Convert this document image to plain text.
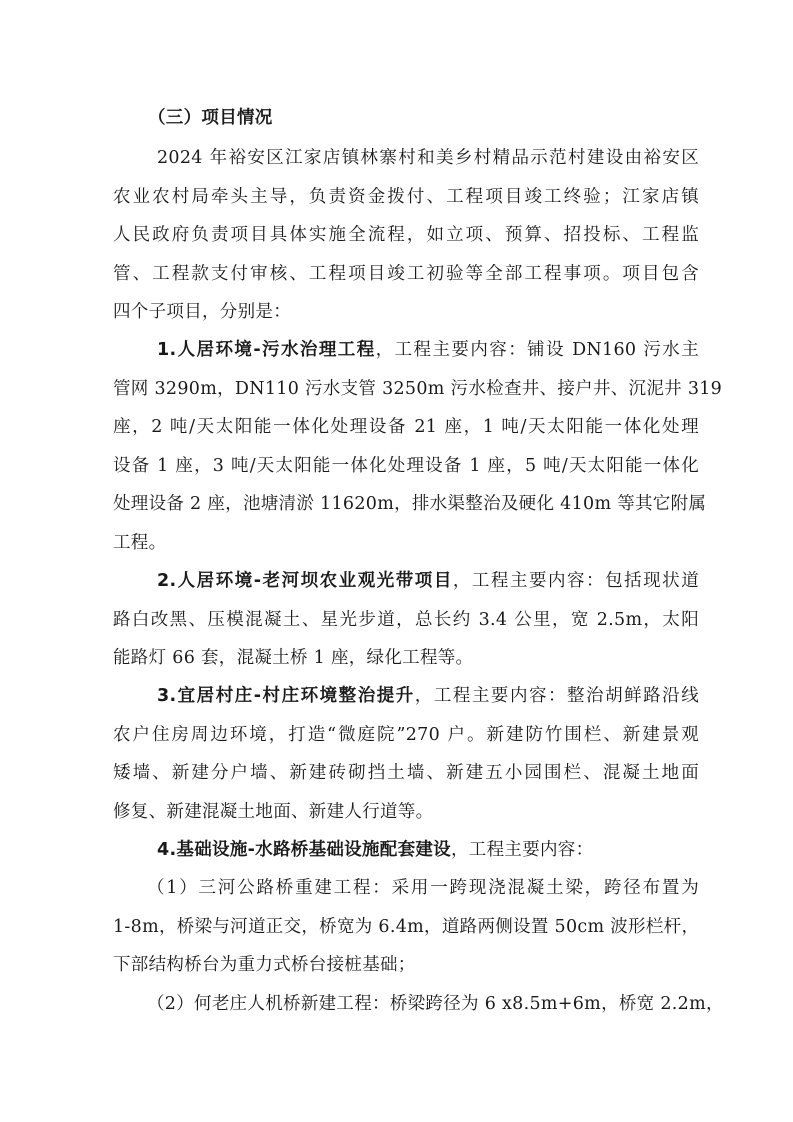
（三）项目情况
2024 年裕安区江家店镇林寨村和美乡村精品示范村建设由裕安区
农业农村局牵头主导，负责资金拨付、工程项目竣工终验；江家店镇
人民政府负责项目具体实施全流程，如立项、预算、招投标、工程监
管、工程款支付审核、工程项目竣工初验等全部工程事项。项目包含
四个子项目，分别是：
1.人居环境-污水治理工程，工程主要内容：铺设 DN160 污水主
管网 3290m，DN110 污水支管 3250m 污水检查井、接户井、沉泥井 319
座，2 吨/天太阳能一体化处理设备 21 座，1 吨/天太阳能一体化处理
设备 1 座，3 吨/天太阳能一体化处理设备 1 座，5 吨/天太阳能一体化
处理设备 2 座，池塘清淤 11620m，排水渠整治及硬化 410m 等其它附属
工程。
2.人居环境-老河坝农业观光带项目，工程主要内容：包括现状道
路白改黑、压模混凝土、星光步道，总长约 3.4 公里，宽 2.5m，太阳
能路灯 66 套，混凝土桥 1 座，绿化工程等。
3.宜居村庄-村庄环境整治提升，工程主要内容：整治胡鲜路沿线
农户住房周边环境，打造“微庭院”270 户。新建防竹围栏、新建景观
矮墙、新建分户墙、新建砖砌挡土墙、新建五小园围栏、混凝土地面
修复、新建混凝土地面、新建人行道等。
4.基础设施-水路桥基础设施配套建设，工程主要内容：
（1）三河公路桥重建工程：采用一跨现浇混凝土梁，跨径布置为
1-8m，桥梁与河道正交，桥宽为 6.4m，道路两侧设置 50cm 波形栏杆，
下部结构桥台为重力式桥台接桩基础；
（2）何老庄人机桥新建工程：桥梁跨径为 6 x8.5m+6m，桥宽 2.2m，
